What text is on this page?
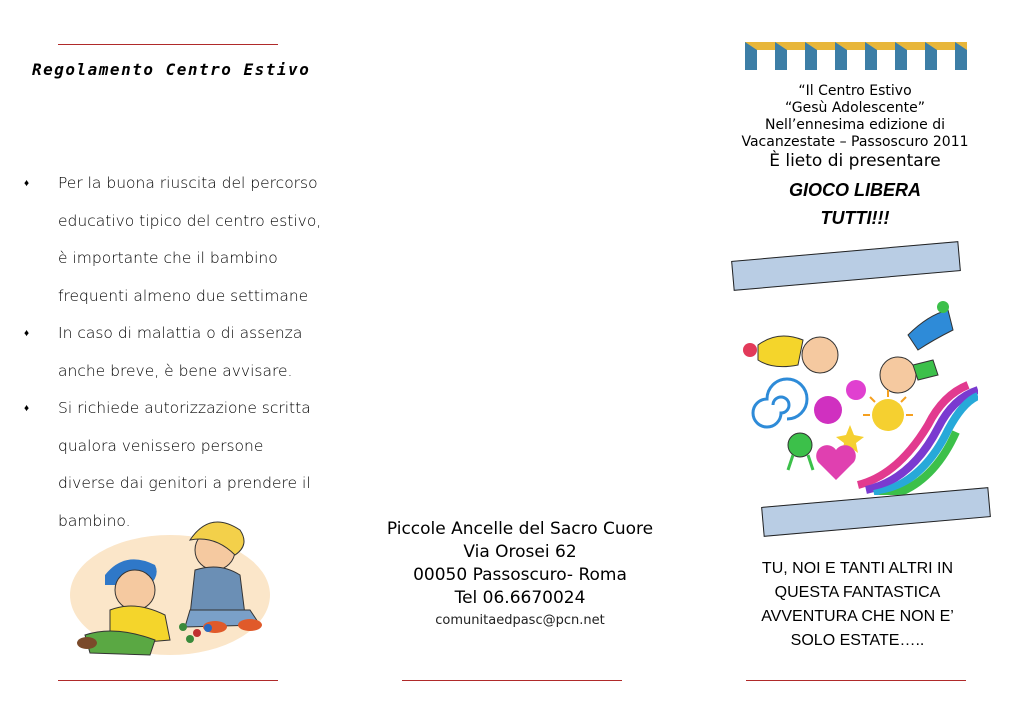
Regolamento Centro Estivo
♦ Per la buona riuscita del percorso educativo tipico del centro estivo, è importante che il bambino frequenti almeno due settimane
♦ In caso di malattia o di assenza anche breve, è bene avvisare.
♦ Si richiede autorizzazione scritta qualora venissero persone diverse dai genitori a prendere il bambino.	Piccole Ancelle del Sacro Cuore
Via Orosei 62
00050 Passoscuro- Roma
Tel 06.6670024
comunitaedpasc@pcn.net
“Il Centro Estivo
“Gesù Adolescente”
Nell’ennesima edizione di
Vacanzestate – Passoscuro 2011
È lieto di presentare
GIOCO LIBERA
TUTTI!!!
TU, NOI E TANTI ALTRI IN
QUESTA FANTASTICA
AVVENTURA CHE NON E’
SOLO ESTATE…..
